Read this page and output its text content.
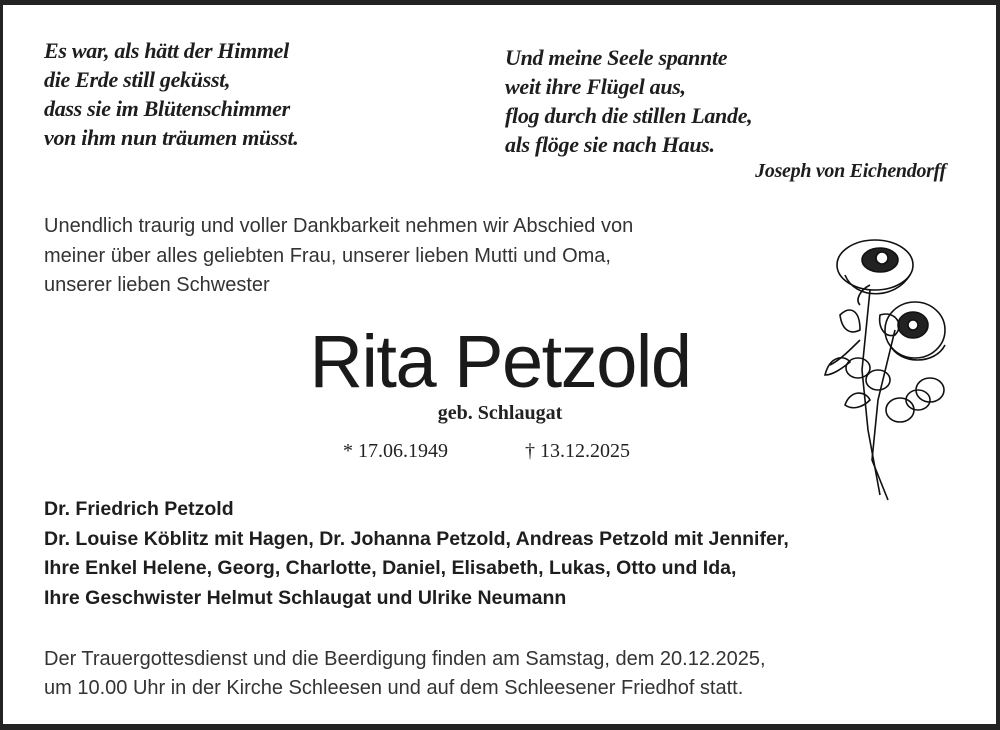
Es war, als hätt der Himmel
die Erde still geküsst,
dass sie im Blütenschimmer
von ihm nun träumen müsst.
Und meine Seele spannte
weit ihre Flügel aus,
flog durch die stillen Lande,
als flöge sie nach Haus.
Joseph von Eichendorff
Unendlich traurig und voller Dankbarkeit nehmen wir Abschied von
meiner über alles geliebten Frau, unserer lieben Mutti und Oma,
unserer lieben Schwester
Rita Petzold
geb. Schlaugat
* 17.06.1949	† 13.12.2025
Dr. Friedrich Petzold
Dr. Louise Köblitz mit Hagen, Dr. Johanna Petzold, Andreas Petzold mit Jennifer,
Ihre Enkel Helene, Georg, Charlotte, Daniel, Elisabeth, Lukas, Otto und Ida,
Ihre Geschwister Helmut Schlaugat und Ulrike Neumann
Der Trauergottesdienst und die Beerdigung finden am Samstag, dem 20.12.2025,
um 10.00 Uhr in der Kirche Schleesen und auf dem Schleesener Friedhof statt.
